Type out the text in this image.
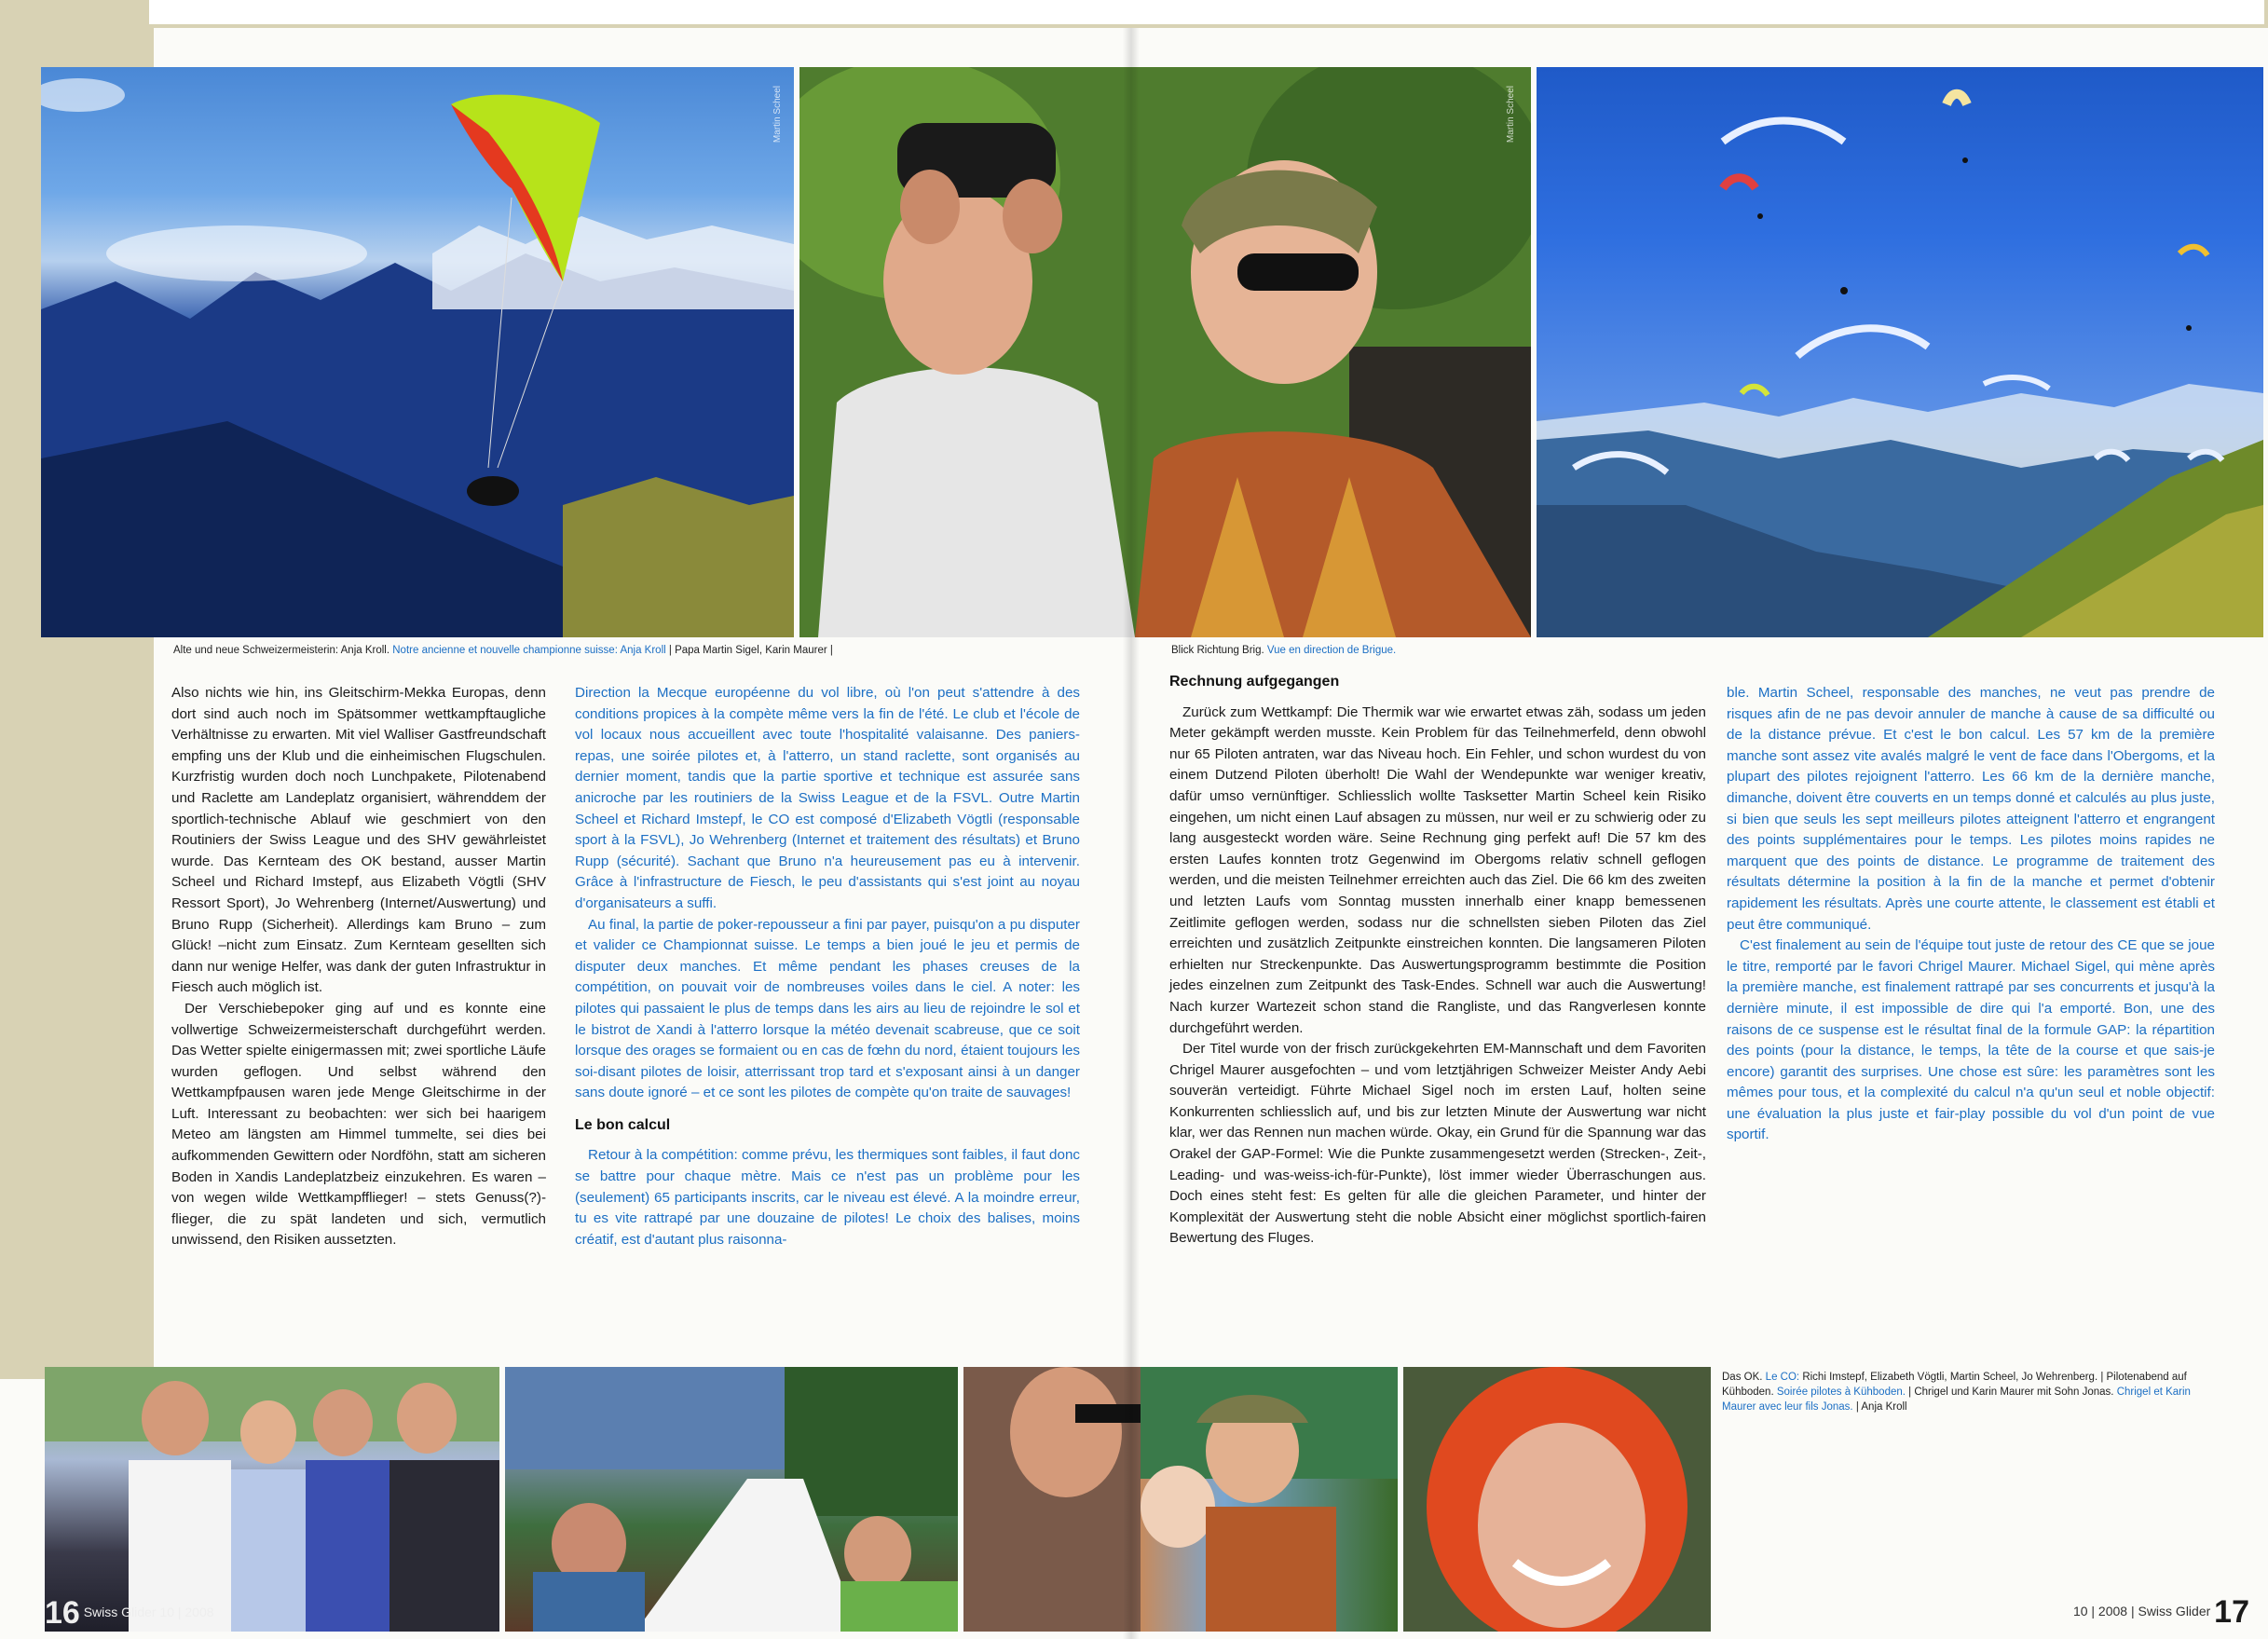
Martin Scheel	Martin Scheel
Alte und neue Schweizermeisterin: Anja Kroll. Notre ancienne et nouvelle championne suisse: Anja Kroll | Papa Martin Sigel, Karin Maurer |	Blick Richtung Brig. Vue en direction de Brigue.

Also nichts wie hin, ins Gleitschirm-Mekka Europas, denn dort sind auch noch im Spätsommer wettkampftaugliche Verhältnisse zu erwarten. Mit viel Walliser Gastfreundschaft empfing uns der Klub und die einheimischen Flugschulen. Kurzfristig wurden doch noch Lunchpakete, Pilotenabend und Raclette am Landeplatz organisiert, währenddem der sportlich-technische Ablauf wie geschmiert von den Routiniers der Swiss League und des SHV gewährleistet wurde. Das Kernteam des OK bestand, ausser Martin Scheel und Richard Imstepf, aus Elizabeth Vögtli (SHV Ressort Sport), Jo Wehrenberg (Internet/Auswertung) und Bruno Rupp (Sicherheit). Allerdings kam Bruno – zum Glück! –nicht zum Einsatz. Zum Kernteam gesellten sich dann nur wenige Helfer, was dank der guten Infrastruktur in Fiesch auch möglich ist.

Der Verschiebepoker ging auf und es konnte eine vollwertige Schweizermeisterschaft durchgeführt werden. Das Wetter spielte einigermassen mit; zwei sportliche Läufe wurden geflogen. Und selbst während den Wettkampfpausen waren jede Menge Gleitschirme in der Luft. Interessant zu beobachten: wer sich bei haarigem Meteo am längsten am Himmel tummelte, sei dies bei aufkommenden Gewittern oder Nordföhn, statt am sicheren Boden in Xandis Landeplatzbeiz einzukehren. Es waren – von wegen wilde Wettkampfflieger! – stets Genuss(?)-flieger, die zu spät landeten und sich, vermutlich unwissend, den Risiken aussetzten.

Direction la Mecque européenne du vol libre, où l'on peut s'attendre à des conditions propices à la compète même vers la fin de l'été. Le club et l'école de vol locaux nous accueillent avec toute l'hospitalité valaisanne. Des paniers-repas, une soirée pilotes et, à l'atterro, un stand raclette, sont organisés au dernier moment, tandis que la partie sportive et technique est assurée sans anicroche par les routiniers de la Swiss League et de la FSVL. Outre Martin Scheel et Richard Imstepf, le CO est composé d'Elizabeth Vögtli (responsable sport à la FSVL), Jo Wehrenberg (Internet et traitement des résultats) et Bruno Rupp (sécurité). Sachant que Bruno n'a heureusement pas eu à intervenir. Grâce à l'infrastructure de Fiesch, le peu d'assistants qui s'est joint au noyau d'organisateurs a suffi.

Au final, la partie de poker-repousseur a fini par payer, puisqu'on a pu disputer et valider ce Championnat suisse. Le temps a bien joué le jeu et permis de disputer deux manches. Et même pendant les phases creuses de la compétition, on pouvait voir de nombreuses voiles dans le ciel. A noter: les pilotes qui passaient le plus de temps dans les airs au lieu de rejoindre le sol et le bistrot de Xandi à l'atterro lorsque la météo devenait scabreuse, que ce soit lorsque des orages se formaient ou en cas de fœhn du nord, étaient toujours les soi-disant pilotes de loisir, atterrissant trop tard et s'exposant ainsi à un danger sans doute ignoré – et ce sont les pilotes de compète qu'on traite de sauvages!

Le bon calcul

Retour à la compétition: comme prévu, les thermiques sont faibles, il faut donc se battre pour chaque mètre. Mais ce n'est pas un problème pour les (seulement) 65 participants inscrits, car le niveau est élevé. A la moindre erreur, tu es vite rattrapé par une douzaine de pilotes! Le choix des balises, moins créatif, est d'autant plus raisonna-

Rechnung aufgegangen

Zurück zum Wettkampf: Die Thermik war wie erwartet etwas zäh, sodass um jeden Meter gekämpft werden musste. Kein Problem für das Teilnehmerfeld, denn obwohl nur 65 Piloten antraten, war das Niveau hoch. Ein Fehler, und schon wurdest du von einem Dutzend Piloten überholt! Die Wahl der Wendepunkte war weniger kreativ, dafür umso vernünftiger. Schliesslich wollte Tasksetter Martin Scheel kein Risiko eingehen, um nicht einen Lauf absagen zu müssen, nur weil er zu schwierig oder zu lang ausgesteckt worden wäre. Seine Rechnung ging perfekt auf! Die 57 km des ersten Laufes konnten trotz Gegenwind im Obergoms relativ schnell geflogen werden, und die meisten Teilnehmer erreichten auch das Ziel. Die 66 km des zweiten und letzten Laufs vom Sonntag mussten innerhalb einer knapp bemessenen Zeitlimite geflogen werden, sodass nur die schnellsten sieben Piloten das Ziel erreichten und zusätzlich Zeitpunkte einstreichen konnten. Die langsameren Piloten erhielten nur Streckenpunkte. Das Auswertungsprogramm bestimmte die Position jedes einzelnen zum Zeitpunkt des Task-Endes. Schnell war auch die Auswertung! Nach kurzer Wartezeit schon stand die Rangliste, und das Rangverlesen konnte durchgeführt werden.

Der Titel wurde von der frisch zurückgekehrten EM-Mannschaft und dem Favoriten Chrigel Maurer ausgefochten – und vom letztjährigen Schweizer Meister Andy Aebi souverän verteidigt. Führte Michael Sigel noch im ersten Lauf, holten seine Konkurrenten schliesslich auf, und bis zur letzten Minute der Auswertung war nicht klar, wer das Rennen nun machen würde. Okay, ein Grund für die Spannung war das Orakel der GAP-Formel: Wie die Punkte zusammengesetzt werden (Strecken-, Zeit-, Leading- und was-weiss-ich-für-Punkte), löst immer wieder Überraschungen aus. Doch eines steht fest: Es gelten für alle die gleichen Parameter, und hinter der Komplexität der Auswertung steht die noble Absicht einer möglichst sportlich-fairen Bewertung des Fluges.

ble. Martin Scheel, responsable des manches, ne veut pas prendre de risques afin de ne pas devoir annuler de manche à cause de sa difficulté ou de la distance prévue. Et c'est le bon calcul. Les 57 km de la première manche sont assez vite avalés malgré le vent de face dans l'Obergoms, et la plupart des pilotes rejoignent l'atterro. Les 66 km de la dernière manche, dimanche, doivent être couverts en un temps donné et calculés au plus juste, si bien que seuls les sept meilleurs pilotes atteignent l'atterro et engrangent des points supplémentaires pour le temps. Les pilotes moins rapides ne marquent que des points de distance. Le programme de traitement des résultats détermine la position à la fin de la manche et permet d'obtenir rapidement les résultats. Après une courte attente, le classement est établi et peut être communiqué.

C'est finalement au sein de l'équipe tout juste de retour des CE que se joue le titre, remporté par le favori Chrigel Maurer. Michael Sigel, qui mène après la première manche, est finalement rattrapé par ses concurrents et jusqu'à la dernière minute, il est impossible de dire qui l'a emporté. Bon, une des raisons de ce suspense est le résultat final de la formule GAP: la répartition des points (pour la distance, le temps, la tête de la course et que sais-je encore) garantit des surprises. Une chose est sûre: les paramètres sont les mêmes pour tous, et la complexité du calcul n'a qu'un seul et noble objectif: une évaluation la plus juste et fair-play possible du vol d'un point de vue sportif.

Das OK. Le CO: Richi Imstepf, Elizabeth Vögtli, Martin Scheel, Jo Wehrenberg. | Pilotenabend auf Kühboden. Soirée pilotes à Kühboden. | Chrigel und Karin Maurer mit Sohn Jonas. Chrigel et Karin Maurer avec leur fils Jonas. | Anja Kroll
16 Swiss Glider 10 | 2008	10 | 2008 | Swiss Glider 17
